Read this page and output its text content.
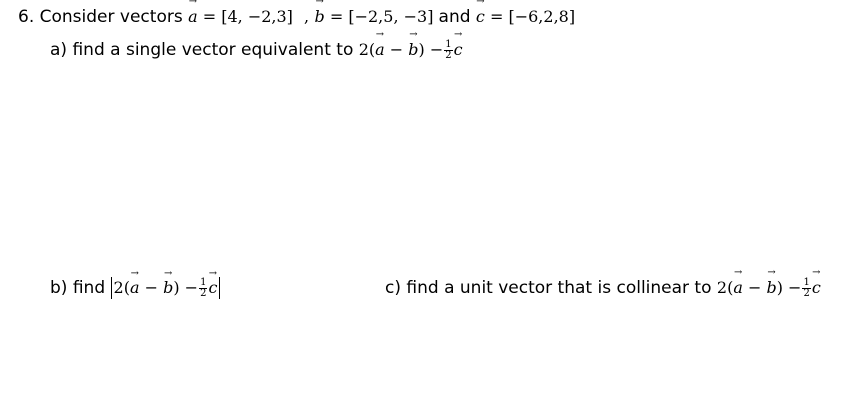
6. Consider vectors a → = [4, −2,3] , b → = [−2,5, −3] and c → = [−6,2,8]
a) find a single vector equivalent to 2(a → − b →) − $\frac{1}{2}$ c →
b) find 2(a → − b →) − $\frac{1}{2}$ c →	c) find a unit vector that is collinear to 2(a → − b →) − $\frac{1}{2}$ c →
